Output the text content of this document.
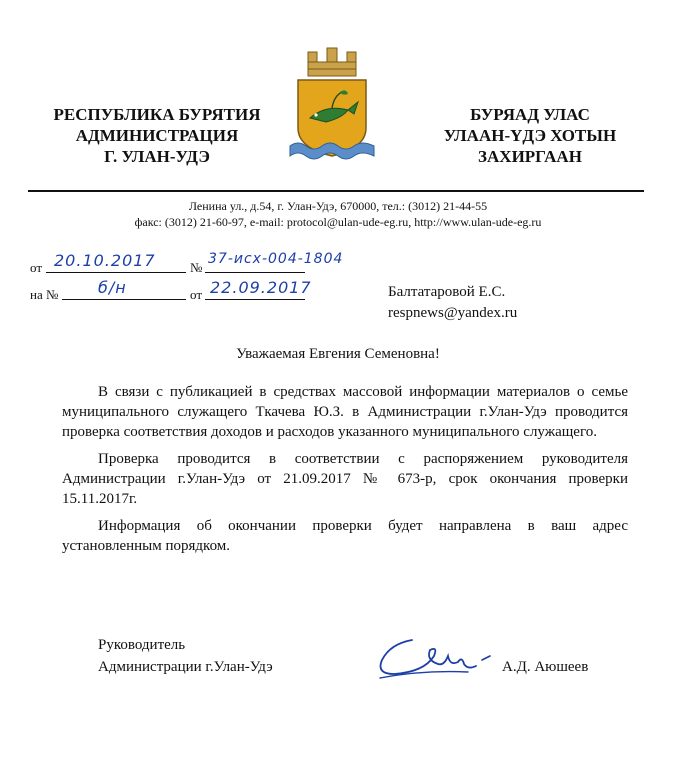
РЕСПУБЛИКА БУРЯТИЯ
АДМИНИСТРАЦИЯ
Г. УЛАН-УДЭ
БУРЯАД УЛАС
УЛААН-ҮДЭ ХОТЫН
ЗАХИРГААН
Ленина ул., д.54, г. Улан-Удэ, 670000, тел.: (3012) 21-44-55
факс: (3012) 21-60-97, e-mail: protocol@ulan-ude-eg.ru, http://www.ulan-ude-eg.ru
от 20.10.2017	№
37-исх-004-1804
на № б/н	от 22.09.2017	Балтатаровой Е.С.
respnews@yandex.ru
Уважаемая Евгения Семеновна!

В связи с публикацией в средствах массовой информации материалов о семье муниципального служащего Ткачева Ю.З. в Администрации г.Улан-Удэ проводится проверка соответствия доходов и расходов указанного муниципального служащего.

Проверка проводится в соответствии с распоряжением руководителя Администрации г.Улан-Удэ от 21.09.2017 № 673-р, срок окончания проверки 15.11.2017г.

Информация об окончании проверки будет направлена в ваш адрес установленным порядком.

Руководитель
Администрации г.Улан-Удэ	А.Д. Аюшеев
